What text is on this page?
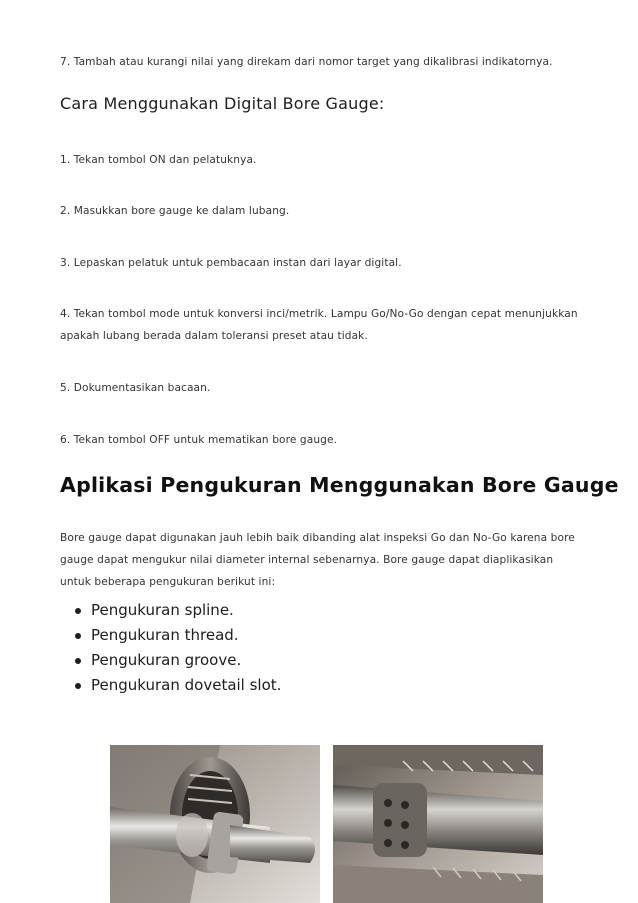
7. Tambah atau kurangi nilai yang direkam dari nomor target yang dikalibrasi indikatornya.

Cara Menggunakan Digital Bore Gauge:

1. Tekan tombol ON dan pelatuknya.

2. Masukkan bore gauge ke dalam lubang.

3. Lepaskan pelatuk untuk pembacaan instan dari layar digital.

4. Tekan tombol mode untuk konversi inci/metrik. Lampu Go/No-Go dengan cepat menunjukkan apakah lubang berada dalam toleransi preset atau tidak.

5. Dokumentasikan bacaan.

6. Tekan tombol OFF untuk mematikan bore gauge.

Aplikasi Pengukuran Menggunakan Bore Gauge

Bore gauge dapat digunakan jauh lebih baik dibanding alat inspeksi Go dan No-Go karena bore gauge dapat mengukur nilai diameter internal sebenarnya. Bore gauge dapat diaplikasikan untuk beberapa pengukuran berikut ini:

Pengukuran spline.
Pengukuran thread.
Pengukuran groove.
Pengukuran dovetail slot.
